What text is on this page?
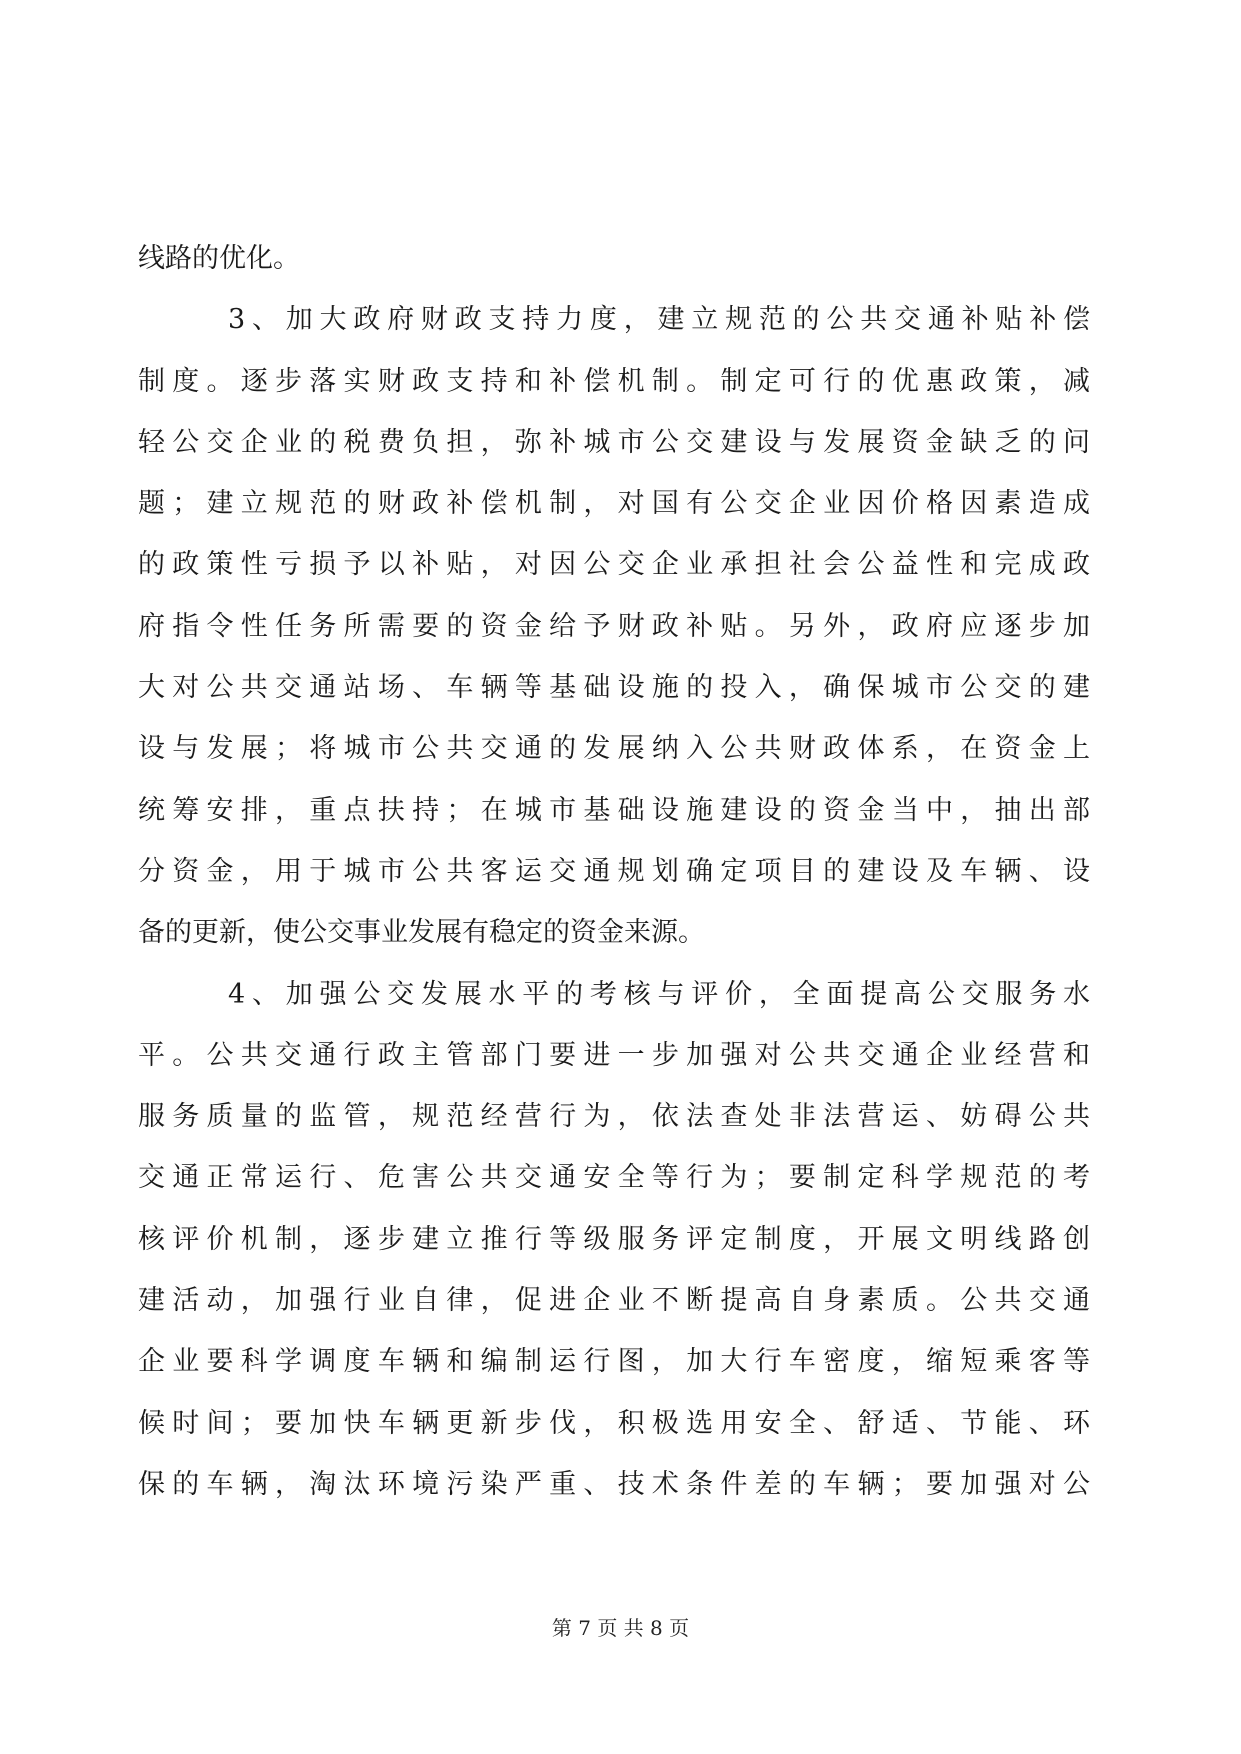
线路的优化。
3、加大政府财政支持力度，建立规范的公共交通补贴补偿
制度。逐步落实财政支持和补偿机制。制定可行的优惠政策，减
轻公交企业的税费负担，弥补城市公交建设与发展资金缺乏的问
题；建立规范的财政补偿机制，对国有公交企业因价格因素造成
的政策性亏损予以补贴，对因公交企业承担社会公益性和完成政
府指令性任务所需要的资金给予财政补贴。另外，政府应逐步加
大对公共交通站场、车辆等基础设施的投入，确保城市公交的建
设与发展；将城市公共交通的发展纳入公共财政体系，在资金上
统筹安排，重点扶持；在城市基础设施建设的资金当中，抽出部
分资金，用于城市公共客运交通规划确定项目的建设及车辆、设
备的更新，使公交事业发展有稳定的资金来源。
4、加强公交发展水平的考核与评价，全面提高公交服务水
平。公共交通行政主管部门要进一步加强对公共交通企业经营和
服务质量的监管，规范经营行为，依法查处非法营运、妨碍公共
交通正常运行、危害公共交通安全等行为；要制定科学规范的考
核评价机制，逐步建立推行等级服务评定制度，开展文明线路创
建活动，加强行业自律，促进企业不断提高自身素质。公共交通
企业要科学调度车辆和编制运行图，加大行车密度，缩短乘客等
候时间；要加快车辆更新步伐，积极选用安全、舒适、节能、环
保的车辆，淘汰环境污染严重、技术条件差的车辆；要加强对公
第 7 页 共 8 页
